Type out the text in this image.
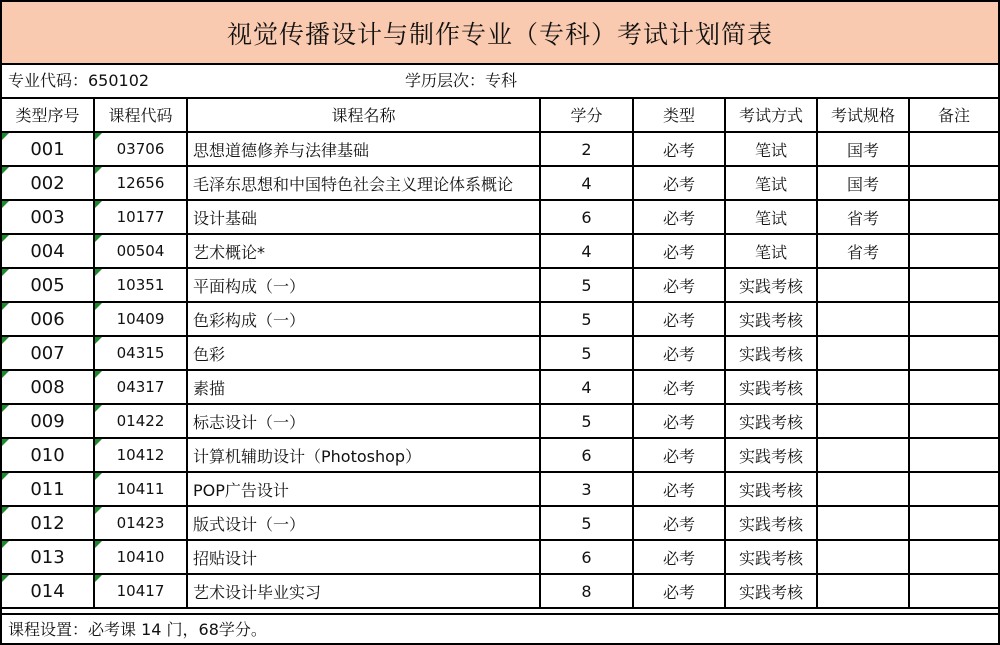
视觉传播设计与制作专业（专科）考试计划简表
专业代码：650102	学历层次：专科
类型序号	课程代码	课程名称	学分	类型	考试方式	考试规格	备注
001	03706	思想道德修养与法律基础	2	必考	笔试	国考	
002	12656	毛泽东思想和中国特色社会主义理论体系概论	4	必考	笔试	国考	
003	10177	设计基础	6	必考	笔试	省考	
004	00504	艺术概论*	4	必考	笔试	省考	
005	10351	平面构成（一）	5	必考	实践考核		
006	10409	色彩构成（一）	5	必考	实践考核		
007	04315	色彩	5	必考	实践考核		
008	04317	素描	4	必考	实践考核		
009	01422	标志设计（一）	5	必考	实践考核		
010	10412	计算机辅助设计（Photoshop）	6	必考	实践考核		
011	10411	POP广告设计	3	必考	实践考核		
012	01423	版式设计（一）	5	必考	实践考核		
013	10410	招贴设计	6	必考	实践考核		
014	10417	艺术设计毕业实习	8	必考	实践考核		
课程设置：必考课 14 门，68学分。
